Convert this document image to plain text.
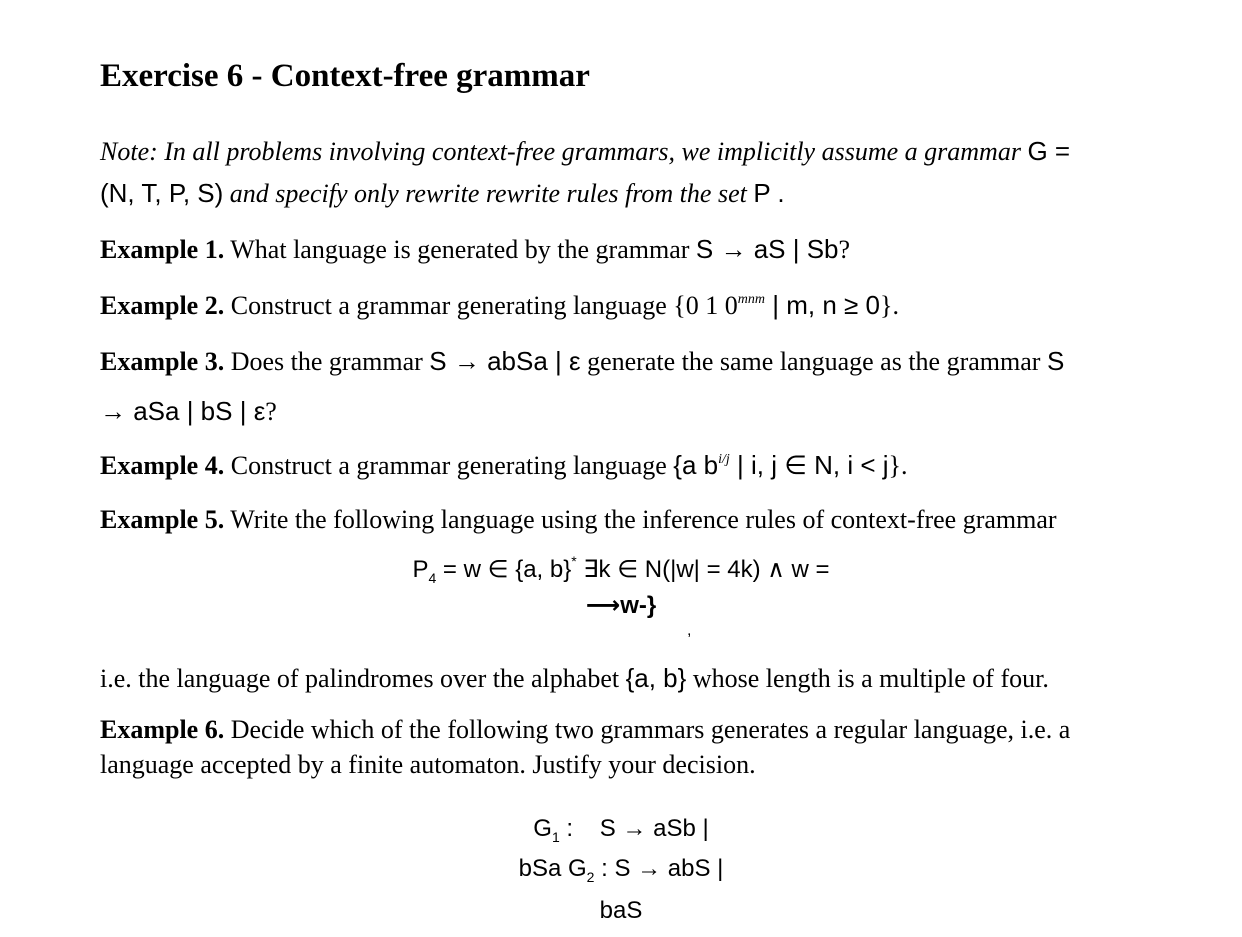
Exercise 6 - Context-free grammar
Note: In all problems involving context-free grammars, we implicitly assume a grammar G =
(N, T, P, S) and specify only rewrite rewrite rules from the set P .
Example 1. What language is generated by the grammar S → aS | Sb?
Example 2. Construct a grammar generating language {0 1 $0^{mnm}$ | m, n ≥ 0}.
Example 3. Does the grammar S → abSa | ε generate the same language as the grammar S
→ aSa | bS | ε?
Example 4. Construct a grammar generating language {a $b^{i/j}$ | i, j ∈ N, i < j}.
Example 5. Write the following language using the inference rules of context-free grammar
$P_4 = w$ ∈ {a, b}* ∃k ∈ N(|w| = 4k) ∧ w =
⟶w-}
,
i.e. the language of palindromes over the alphabet {a, b} whose length is a multiple of four.
Example 6. Decide which of the following two grammars generates a regular language, i.e. a
language accepted by a finite automaton. Justify your decision.
$G_1$ :    S → aSb |
bSa $G_2$ : S → abS |
baS
